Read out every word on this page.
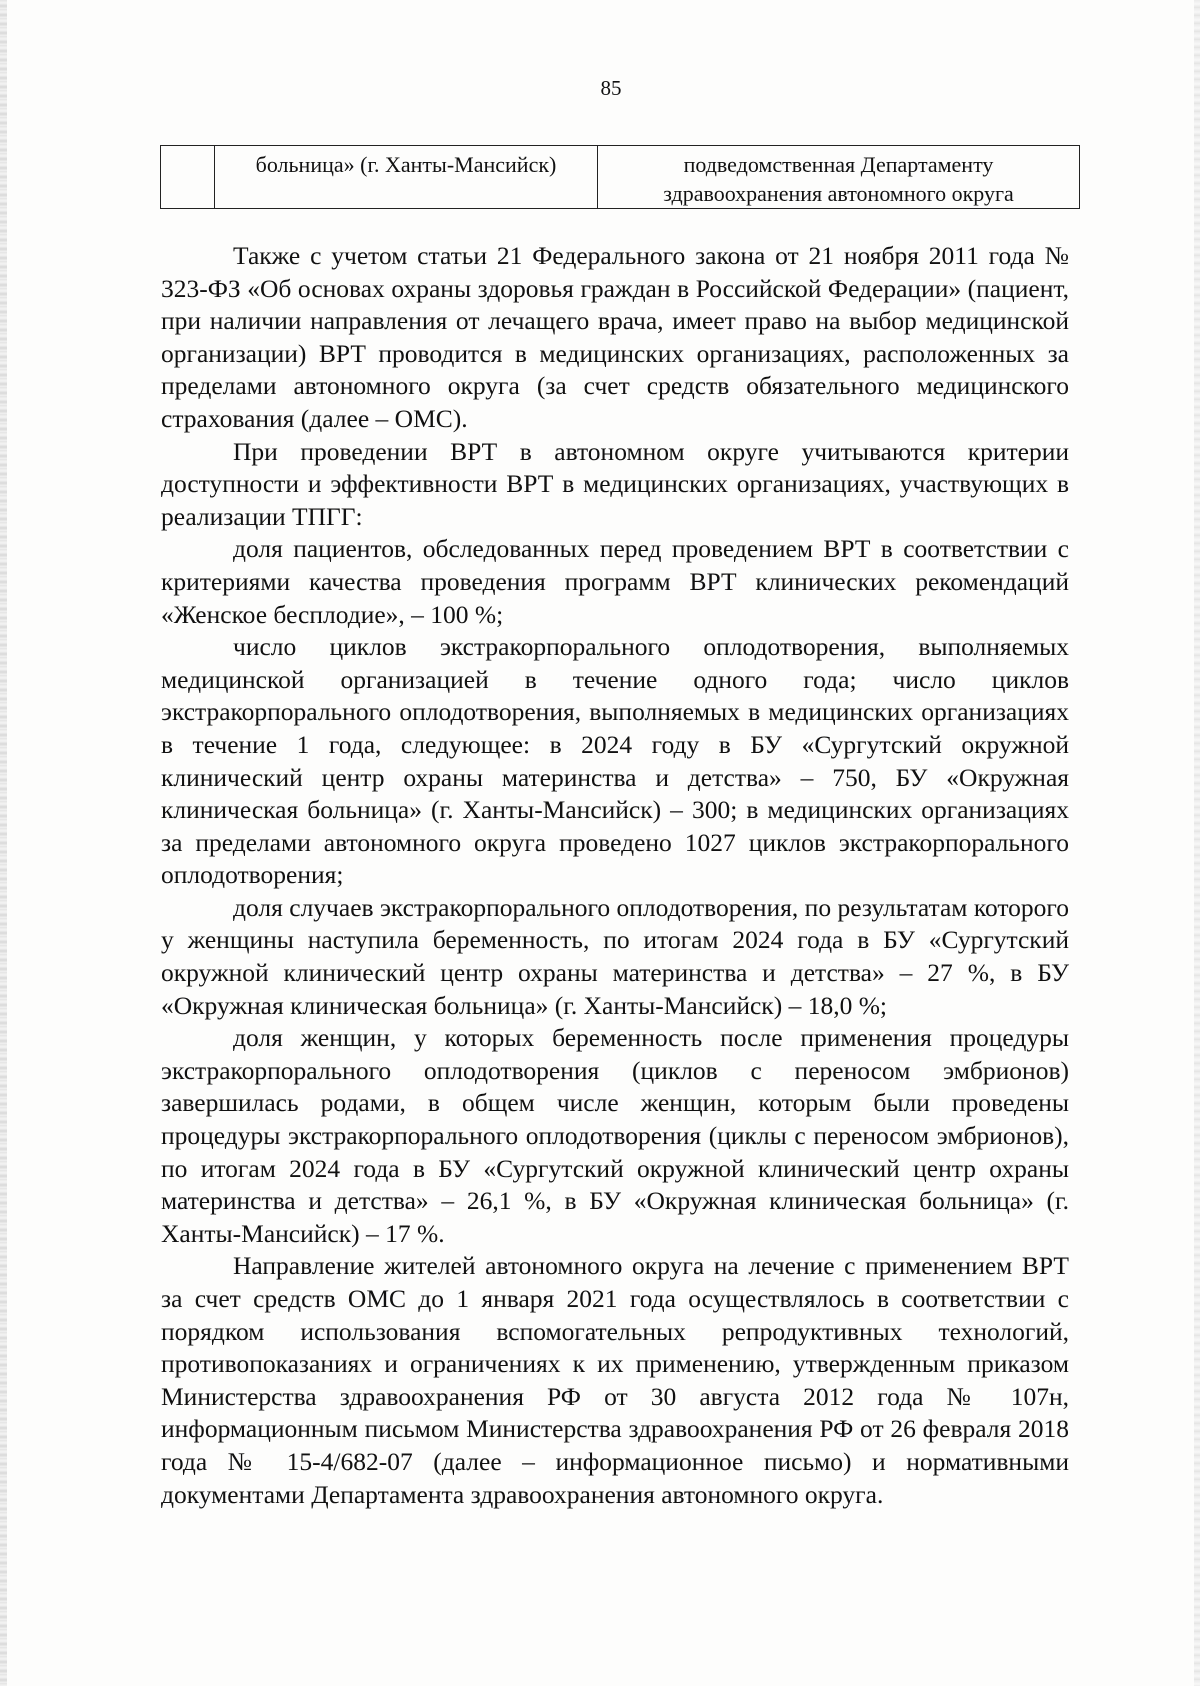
85
	больница» (г. Ханты-Мансийск)	подведомственная Департаменту здравоохранения автономного округа

Также с учетом статьи 21 Федерального закона от 21 ноября 2011 года № 323-ФЗ «Об основах охраны здоровья граждан в Российской Федерации» (пациент, при наличии направления от лечащего врача, имеет право на выбор медицинской организации) ВРТ проводится в медицинских организациях, расположенных за пределами автономного округа (за счет средств обязательного медицинского страхования (далее – ОМС).

При проведении ВРТ в автономном округе учитываются критерии доступности и эффективности ВРТ в медицинских организациях, участвующих в реализации ТПГГ:

доля пациентов, обследованных перед проведением ВРТ в соответствии с критериями качества проведения программ ВРТ клинических рекомендаций «Женское бесплодие», – 100 %;

число циклов экстракорпорального оплодотворения, выполняемых медицинской организацией в течение одного года; число циклов экстракорпорального оплодотворения, выполняемых в медицинских организациях в течение 1 года, следующее: в 2024 году в БУ «Сургутский окружной клинический центр охраны материнства и детства» – 750, БУ «Окружная клиническая больница» (г. Ханты-Мансийск) – 300; в медицинских организациях за пределами автономного округа проведено 1027 циклов экстракорпорального оплодотворения;

доля случаев экстракорпорального оплодотворения, по результатам которого у женщины наступила беременность, по итогам 2024 года в БУ «Сургутский окружной клинический центр охраны материнства и детства» – 27 %, в БУ «Окружная клиническая больница» (г. Ханты-Мансийск) – 18,0 %;

доля женщин, у которых беременность после применения процедуры экстракорпорального оплодотворения (циклов с переносом эмбрионов) завершилась родами, в общем числе женщин, которым были проведены процедуры экстракорпорального оплодотворения (циклы с переносом эмбрионов), по итогам 2024 года в БУ «Сургутский окружной клинический центр охраны материнства и детства» – 26,1 %, в БУ «Окружная клиническая больница» (г. Ханты-Мансийск) – 17 %.

Направление жителей автономного округа на лечение с применением ВРТ за счет средств ОМС до 1 января 2021 года осуществлялось в соответствии с порядком использования вспомогательных репродуктивных технологий, противопоказаниях и ограничениях к их применению, утвержденным приказом Министерства здравоохранения РФ от 30 августа 2012 года № 107н, информационным письмом Министерства здравоохранения РФ от 26 февраля 2018 года № 15-4/682-07 (далее – информационное письмо) и нормативными документами Департамента здравоохранения автономного округа.
